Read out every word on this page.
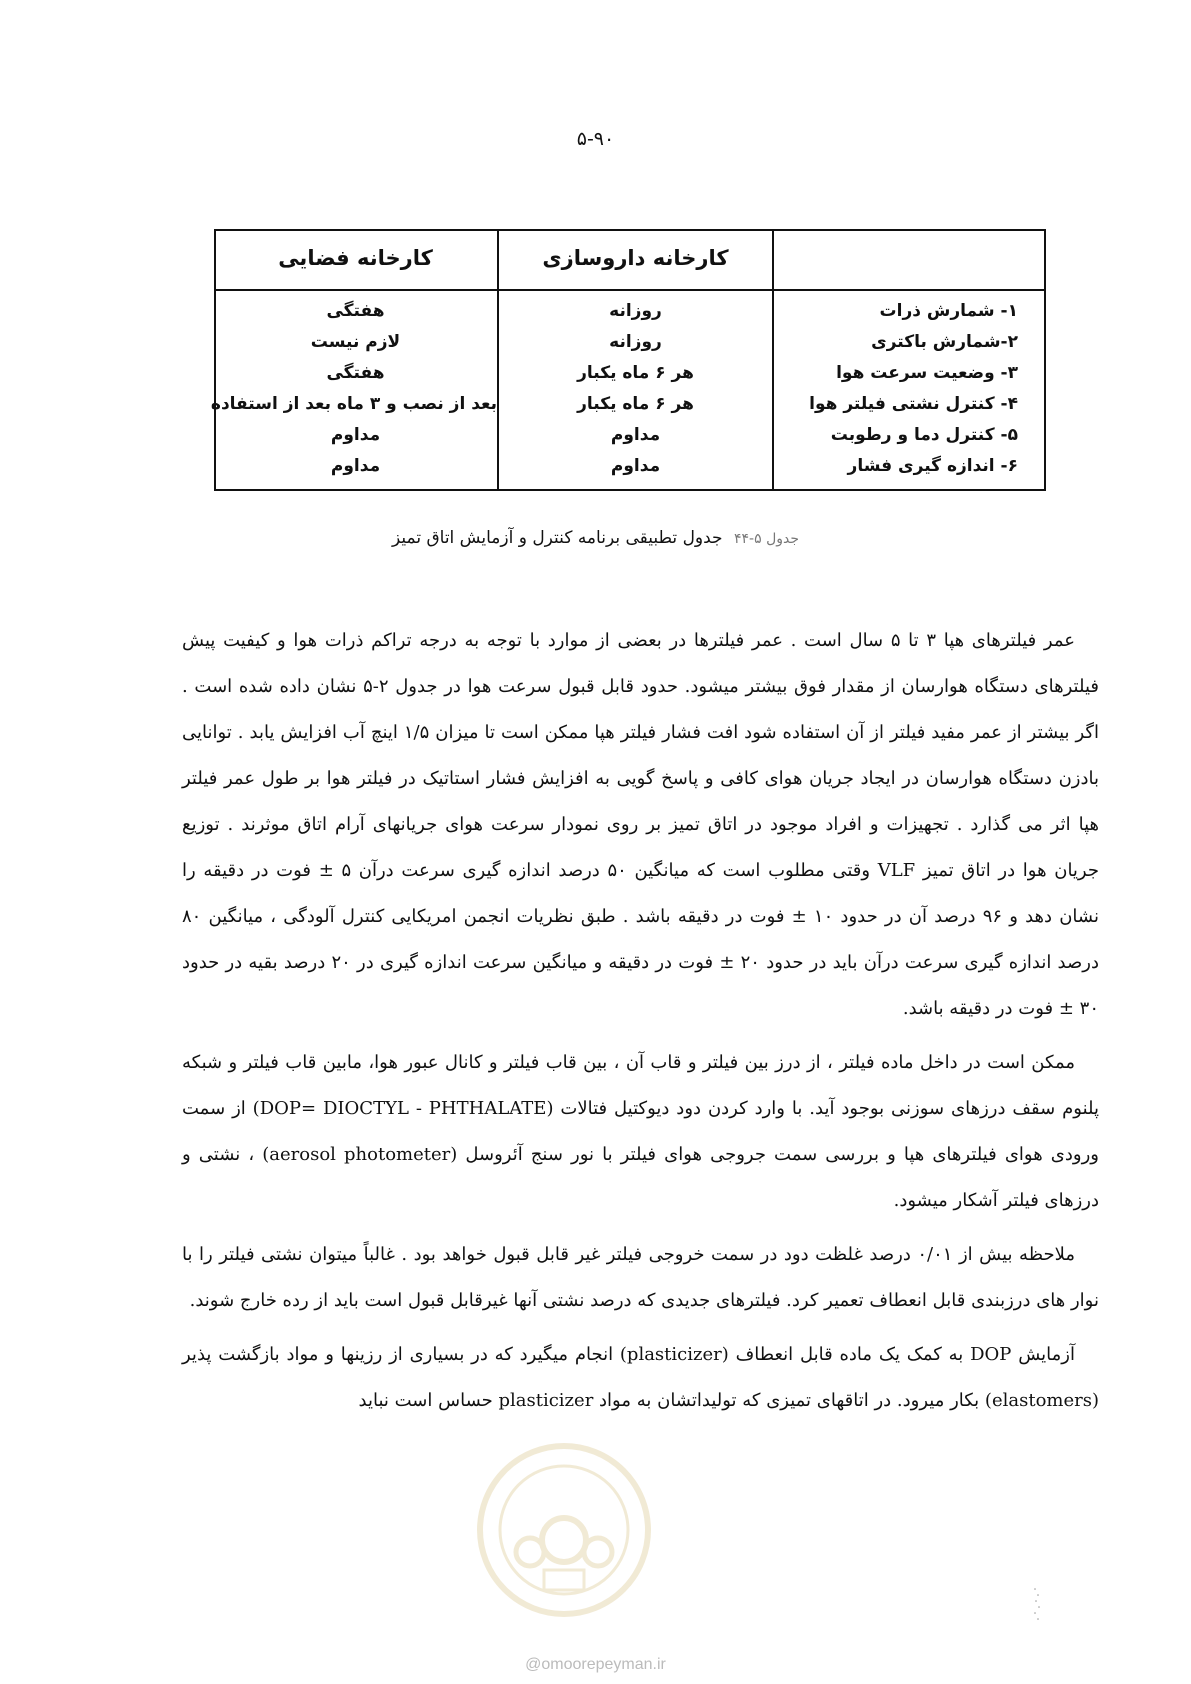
۵-۹۰
کارخانه داروسازی
کارخانه فضایی
۱- شمارش ذرات
روزانه
هفتگی
۲-شمارش باکتری
روزانه
لازم نیست
۳- وضعیت سرعت هوا
هر ۶ ماه یکبار
هفتگی
۴- کنترل نشتی فیلتر هوا
هر ۶ ماه یکبار
بعد از نصب و ۳ ماه بعد از استفاده
۵- کنترل دما و رطوبت
مداوم
مداوم
۶- اندازه گیری فشار
مداوم
مداوم
جدول ۵-۴۴ جدول تطبیقی برنامه کنترل و آزمایش اتاق تمیز

عمر فیلترهای هپا ۳ تا ۵ سال است . عمر فیلترها در بعضی از موارد با توجه به درجه تراکم ذرات هوا و کیفیت پیش فیلترهای دستگاه هوارسان از مقدار فوق بیشتر میشود. حدود قابل قبول سرعت هوا در جدول ۲-۵ نشان داده شده است . اگر بیشتر از عمر مفید فیلتر از آن استفاده شود افت فشار فیلتر هپا ممکن است تا میزان ۱/۵ اینچ آب افزایش یابد . توانایی بادزن دستگاه هوارسان در ایجاد جریان هوای کافی و پاسخ گویی به افزایش فشار استاتیک در فیلتر هوا بر طول عمر فیلتر هپا اثر می گذارد . تجهیزات و افراد موجود در اتاق تمیز بر روی نمودار سرعت هوای جریانهای آرام اتاق موثرند . توزیع جریان هوا در اتاق تمیز VLF وقتی مطلوب است که میانگین ۵۰ درصد اندازه گیری سرعت درآن ۵ ± فوت در دقیقه را نشان دهد و ۹۶ درصد آن در حدود ۱۰ ± فوت در دقیقه باشد . طبق نظریات انجمن امریکایی کنترل آلودگی ، میانگین ۸۰ درصد اندازه گیری سرعت درآن باید در حدود ۲۰ ± فوت در دقیقه و میانگین سرعت اندازه گیری در ۲۰ درصد بقیه در حدود ۳۰ ± فوت در دقیقه باشد.

ممکن است در داخل ماده فیلتر ، از درز بین فیلتر و قاب آن ، بین قاب فیلتر و کانال عبور هوا، مابین قاب فیلتر و شبکه پلنوم سقف درزهای سوزنی بوجود آید. با وارد کردن دود دیوکتیل فتالات (DOP= DIOCTYL - PHTHALATE) از سمت ورودی هوای فیلترهای هپا و بررسی سمت جروجی هوای فیلتر با نور سنج آئروسل (aerosol photometer) ، نشتی و درزهای فیلتر آشکار میشود.

ملاحظه بیش از ۰/۰۱ درصد غلظت دود در سمت خروجی فیلتر غیر قابل قبول خواهد بود . غالباً میتوان نشتی فیلتر را با نوار های درزبندی قابل انعطاف تعمیر کرد. فیلترهای جدیدی که درصد نشتی آنها غیرقابل قبول است باید از رده خارج شوند.

آزمایش DOP به کمک یک ماده قابل انعطاف (plasticizer) انجام میگیرد که در بسیاری از رزینها و مواد بازگشت پذیر (elastomers) بکار میرود. در اتاقهای تمیزی که تولیداتشان به مواد plasticizer حساس است نباید

@omoorepeyman.ir
